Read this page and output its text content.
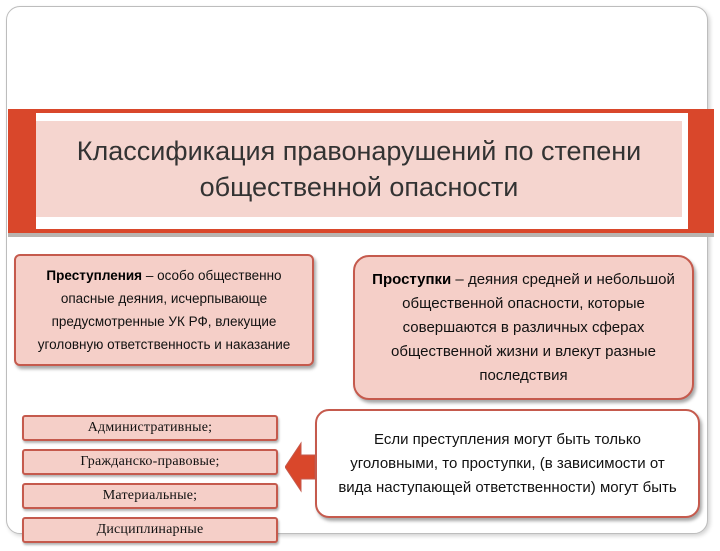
Классификация правонарушений по степени
общественной опасности
Преступления – особо общественно
опасные деяния, исчерпывающе
предусмотренные УК РФ, влекущие
уголовную ответственность и наказание
Проступки – деяния средней и небольшой
общественной опасности, которые
совершаются в различных сферах
общественной жизни и влекут разные
последствия
Административные;
Гражданско-правовые;
Материальные;
Дисциплинарные
Если преступления могут быть только
уголовными, то проступки, (в зависимости от
вида наступающей ответственности) могут быть
